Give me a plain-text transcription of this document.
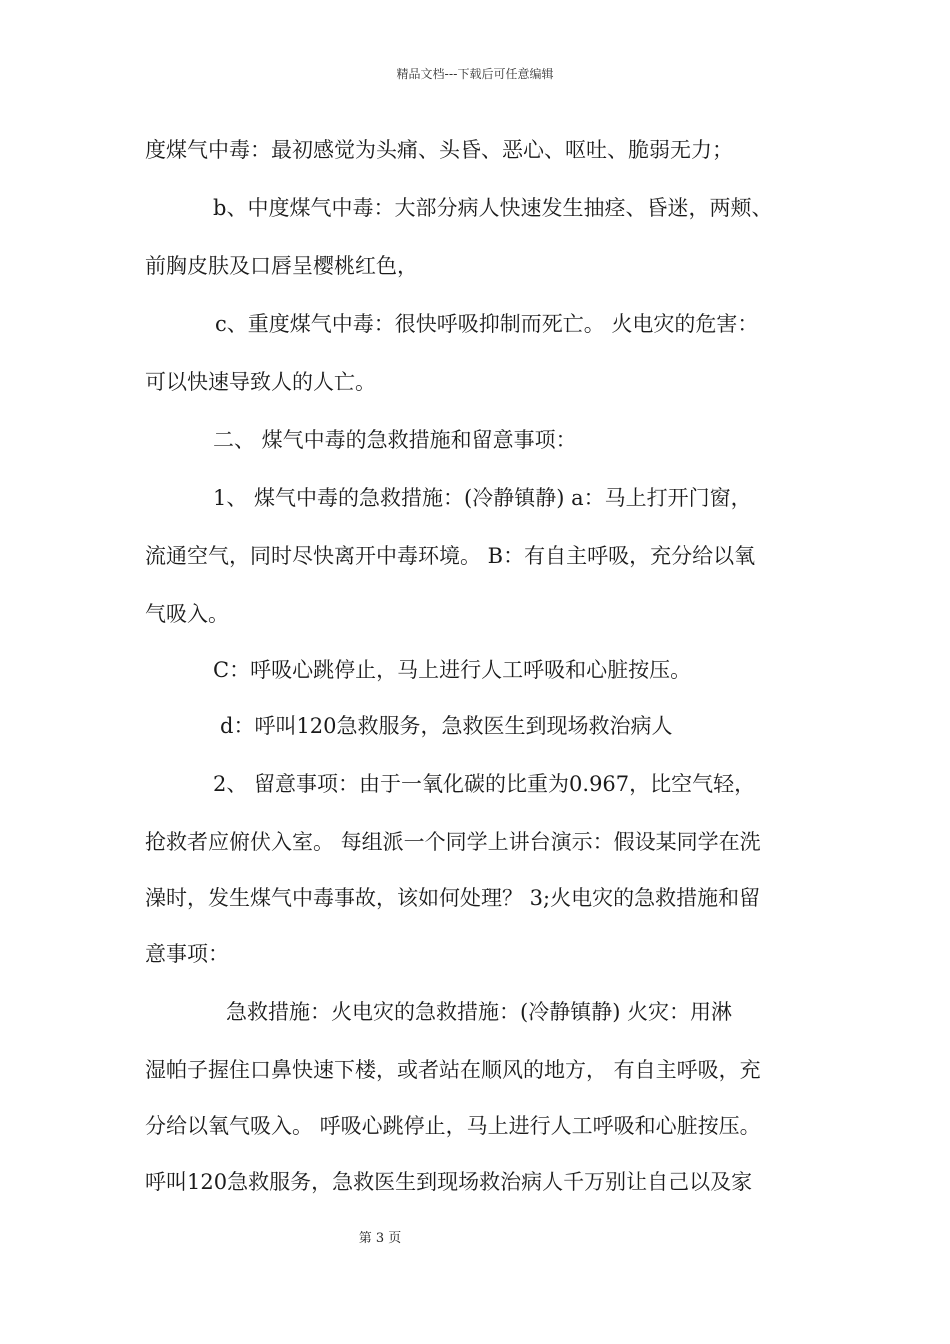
精品文档---下载后可任意编辑
度煤气中毒：最初感觉为头痛、头昏、恶心、呕吐、脆弱无力；
b、中度煤气中毒：大部分病人快速发生抽痉、昏迷，两颊、
前胸皮肤及口唇呈樱桃红色，
c、重度煤气中毒：很快呼吸抑制而死亡。 火电灾的危害：
可以快速导致人的人亡。
二、 煤气中毒的急救措施和留意事项：
1、 煤气中毒的急救措施：(冷静镇静) a：马上打开门窗，
流通空气，同时尽快离开中毒环境。 B：有自主呼吸，充分给以氧
气吸入。
C：呼吸心跳停止，马上进行人工呼吸和心脏按压。
d：呼叫120急救服务，急救医生到现场救治病人
2、 留意事项：由于一氧化碳的比重为0.967，比空气轻，
抢救者应俯伏入室。 每组派一个同学上讲台演示：假设某同学在洗
澡时，发生煤气中毒事故，该如何处理？ 3;火电灾的急救措施和留
意事项：
急救措施：火电灾的急救措施：(冷静镇静) 火灾：用淋
湿帕子握住口鼻快速下楼，或者站在顺风的地方， 有自主呼吸，充
分给以氧气吸入。 呼吸心跳停止，马上进行人工呼吸和心脏按压。
呼叫120急救服务，急救医生到现场救治病人千万别让自己以及家
第 3 页
